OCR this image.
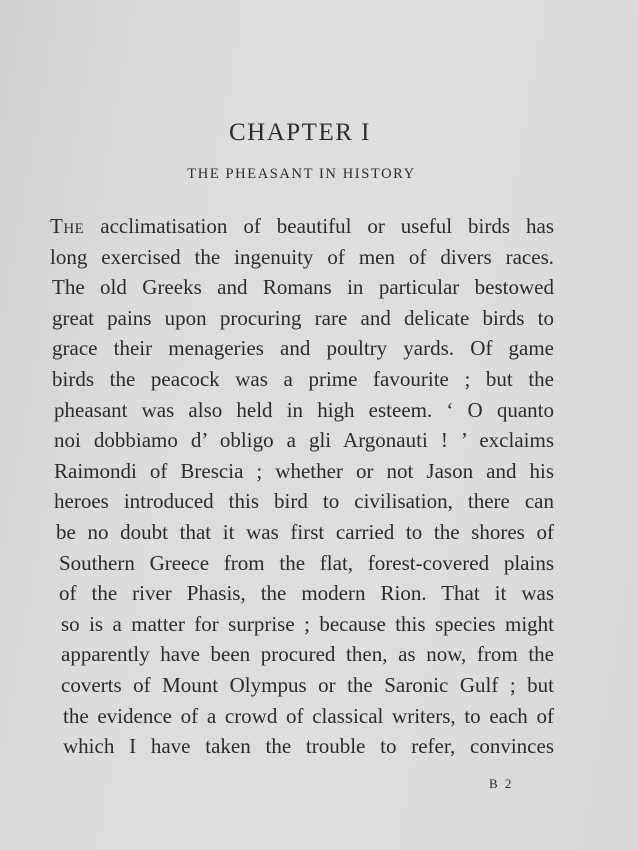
CHAPTER I
THE PHEASANT IN HISTORY
The acclimatisation of beautiful or useful birds has
long exercised the ingenuity of men of divers races.
The old Greeks and Romans in particular bestowed
great pains upon procuring rare and delicate birds to
grace their menageries and poultry yards. Of game
birds the peacock was a prime favourite ; but the
pheasant was also held in high esteem. ‘ O quanto
noi dobbiamo d’ obligo a gli Argonauti ! ’ exclaims
Raimondi of Brescia ; whether or not Jason and his
heroes introduced this bird to civilisation, there can
be no doubt that it was first carried to the shores of
Southern Greece from the flat, forest-covered plains
of the river Phasis, the modern Rion. That it was
so is a matter for surprise ; because this species might
apparently have been procured then, as now, from the
coverts of Mount Olympus or the Saronic Gulf ; but
the evidence of a crowd of classical writers, to each of
which I have taken the trouble to refer, convinces
B 2
